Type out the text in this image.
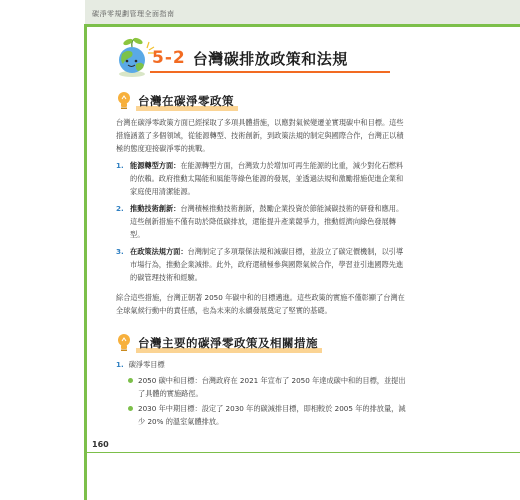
碳淨零規劃管理全面指南
5-2 台灣碳排放政策和法規
台灣在碳淨零政策
台灣在碳淨零政策方面已經採取了多項具體措施，以應對氣候變遷並實現碳中和目標。這些措施涵蓋了多個領域，從能源轉型、技術創新，到政策法規的制定與國際合作，台灣正以積極的態度迎接碳淨零的挑戰。
1. 能源轉型方面：在能源轉型方面，台灣致力於增加可再生能源的比重，減少對化石燃料的依賴。政府推動太陽能和風能等綠色能源的發展，並透過法規和激勵措施促進企業和家庭使用清潔能源。
2. 推動技術創新：台灣積極推動技術創新，鼓勵企業投資於節能減碳技術的研發和應用。這些創新措施不僅有助於降低碳排放，還能提升產業競爭力，推動經濟向綠色發展轉型。
3. 在政策法規方面：台灣制定了多項環保法規和減碳目標，並設立了碳定價機制，以引導市場行為，推動企業減排。此外，政府還積極參與國際氣候合作，學習並引進國際先進的碳管理技術和經驗。
綜合這些措施，台灣正朝著 2050 年碳中和的目標邁進。這些政策的實施不僅彰顯了台灣在全球氣候行動中的責任感，也為未來的永續發展奠定了堅實的基礎。
台灣主要的碳淨零政策及相關措施
1. 碳淨零目標
2050 碳中和目標：台灣政府在 2021 年宣布了 2050 年達成碳中和的目標，並提出了具體的實施路徑。
2030 年中期目標：設定了 2030 年的碳減排目標，即相較於 2005 年的排放量，減少 20% 的溫室氣體排放。
160
